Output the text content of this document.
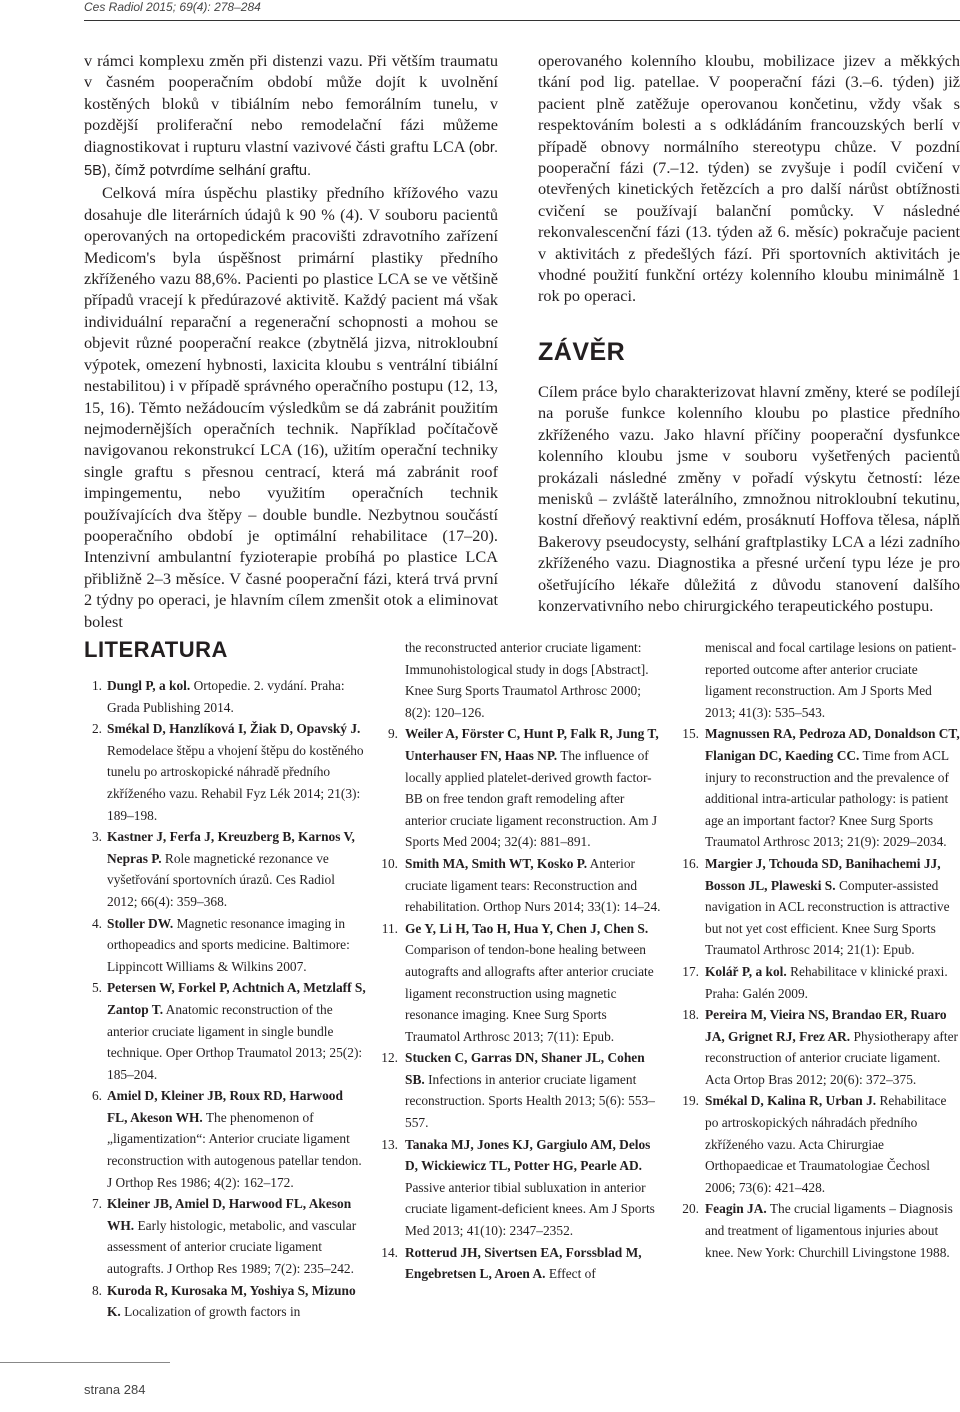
Ces Radiol 2015; 69(4): 278–284

v rámci komplexu změn při distenzi vazu. Při větším traumatu v časném pooperačním období může dojít k uvolnění kostěných bloků v tibiálním nebo femorálním tunelu, v pozdější proliferační nebo remodelační fázi můžeme diagnostikovat i rupturu vlastní vazivové části graftu LCA (obr. 5B), čímž potvrdíme selhání graftu.

Celková míra úspěchu plastiky předního křížového vazu dosahuje dle literárních údajů k 90 % (4). V souboru pacientů operovaných na ortopedickém pracovišti zdravotního zařízení Medicom's byla úspěšnost primární plastiky předního zkříženého vazu 88,6%. Pacienti po plastice LCA se ve většině případů vracejí k předúrazové aktivitě. Každý pacient má však individuální reparační a regenerační schopnosti a mohou se objevit různé pooperační reakce (zbytnělá jizva, nitrokloubní výpotek, omezení hybnosti, laxicita kloubu s ventrální tibiální nestabilitou) i v případě správného operačního postupu (12, 13, 15, 16). Těmto nežádoucím výsledkům se dá zabránit použitím nejmodernějších operačních technik. Například počítačově navigovanou rekonstrukcí LCA (16), užitím operační techniky single graftu s přesnou centrací, která má zabránit roof impingementu, nebo využitím operačních technik používajících dva štěpy – double bundle. Nezbytnou součástí pooperačního období je optimální rehabilitace (17–20). Intenzivní ambulantní fyzioterapie probíhá po plastice LCA přibližně 2–3 měsíce. V časné pooperační fázi, která trvá první 2 týdny po operaci, je hlavním cílem zmenšit otok a eliminovat bolest

operovaného kolenního kloubu, mobilizace jizev a měkkých tkání pod lig. patellae. V pooperační fázi (3.–6. týden) již pacient plně zatěžuje operovanou končetinu, vždy však s respektováním bolesti a s odkládáním francouzských berlí v případě obnovy normálního stereotypu chůze. V pozdní pooperační fázi (7.–12. týden) se zvyšuje i podíl cvičení v otevřených kinetických řetězcích a pro další nárůst obtížnosti cvičení se používají balanční pomůcky. V následné rekonvalescenční fázi (13. týden až 6. měsíc) pokračuje pacient v aktivitách z předešlých fází. Při sportovních aktivitách je vhodné použití funkční ortézy kolenního kloubu minimálně 1 rok po operaci.

ZÁVĚR

Cílem práce bylo charakterizovat hlavní změny, které se podílejí na poruše funkce kolenního kloubu po plastice předního zkříženého vazu. Jako hlavní příčiny pooperační dysfunkce kolenního kloubu jsme v souboru vyšetřených pacientů prokázali následné změny v pořadí výskytu četností: léze menisků – zvláště laterálního, zmnožnou nitrokloubní tekutinu, kostní dřeňový reaktivní edém, prosáknutí Hoffova tělesa, náplň Bakerovy pseudocysty, selhání graftplastiky LCA a lézi zadního zkříženého vazu. Diagnostika a přesné určení typu léze je pro ošetřujícího lékaře důležitá z důvodu stanovení dalšího konzervativního nebo chirurgického terapeutického postupu.

LITERATURA
1. Dungl P, a kol. Ortopedie. 2. vydání. Praha: Grada Publishing 2014.
2. Smékal D, Hanzlíková I, Žiak D, Opavský J. Remodelace štěpu a vhojení štěpu do kostěného tunelu po artroskopické náhradě předního zkříženého vazu. Rehabil Fyz Lék 2014; 21(3): 189–198.
3. Kastner J, Ferfa J, Kreuzberg B, Karnos V, Nepras P. Role magnetické rezonance ve vyšetřování sportovních úrazů. Ces Radiol 2012; 66(4): 359–368.
4. Stoller DW. Magnetic resonance imaging in orthopeadics and sports medicine. Baltimore: Lippincott Williams & Wilkins 2007.
5. Petersen W, Forkel P, Achtnich A, Metzlaff S, Zantop T. Anatomic reconstruction of the anterior cruciate ligament in single bundle technique. Oper Orthop Traumatol 2013; 25(2): 185–204.
6. Amiel D, Kleiner JB, Roux RD, Harwood FL, Akeson WH. The phenomenon of „ligamentization“: Anterior cruciate ligament reconstruction with autogenous patellar tendon. J Orthop Res 1986; 4(2): 162–172.
7. Kleiner JB, Amiel D, Harwood FL, Akeson WH. Early histologic, metabolic, and vascular assessment of anterior cruciate ligament autografts. J Orthop Res 1989; 7(2): 235–242.
8. Kuroda R, Kurosaka M, Yoshiya S, Mizuno K. Localization of growth factors in
the reconstructed anterior cruciate ligament: Immunohistological study in dogs [Abstract]. Knee Surg Sports Traumatol Arthrosc 2000; 8(2): 120–126.
9. Weiler A, Förster C, Hunt P, Falk R, Jung T, Unterhauser FN, Haas NP. The influence of locally applied platelet-derived growth factor-BB on free tendon graft remodeling after anterior cruciate ligament reconstruction. Am J Sports Med 2004; 32(4): 881–891.
10. Smith MA, Smith WT, Kosko P. Anterior cruciate ligament tears: Reconstruction and rehabilitation. Orthop Nurs 2014; 33(1): 14–24.
11. Ge Y, Li H, Tao H, Hua Y, Chen J, Chen S. Comparison of tendon-bone healing between autografts and allografts after anterior cruciate ligament reconstruction using magnetic resonance imaging. Knee Surg Sports Traumatol Arthrosc 2013; 7(11): Epub.
12. Stucken C, Garras DN, Shaner JL, Cohen SB. Infections in anterior cruciate ligament reconstruction. Sports Health 2013; 5(6): 553–557.
13. Tanaka MJ, Jones KJ, Gargiulo AM, Delos D, Wickiewicz TL, Potter HG, Pearle AD. Passive anterior tibial subluxation in anterior cruciate ligament-deficient knees. Am J Sports Med 2013; 41(10): 2347–2352.
14. Rotterud JH, Sivertsen EA, Forssblad M, Engebretsen L, Aroen A. Effect of
meniscal and focal cartilage lesions on patient-reported outcome after anterior cruciate ligament reconstruction. Am J Sports Med 2013; 41(3): 535–543.
15. Magnussen RA, Pedroza AD, Donaldson CT, Flanigan DC, Kaeding CC. Time from ACL injury to reconstruction and the prevalence of additional intra-articular pathology: is patient age an important factor? Knee Surg Sports Traumatol Arthrosc 2013; 21(9): 2029–2034.
16. Margier J, Tchouda SD, Banihachemi JJ, Bosson JL, Plaweski S. Computer-assisted navigation in ACL reconstruction is attractive but not yet cost efficient. Knee Surg Sports Traumatol Arthrosc 2014; 21(1): Epub.
17. Kolář P, a kol. Rehabilitace v klinické praxi. Praha: Galén 2009.
18. Pereira M, Vieira NS, Brandao ER, Ruaro JA, Grignet RJ, Frez AR. Physiotherapy after reconstruction of anterior cruciate ligament. Acta Ortop Bras 2012; 20(6): 372–375.
19. Smékal D, Kalina R, Urban J. Rehabilitace po artroskopických náhradách předního zkříženého vazu. Acta Chirurgiae Orthopaedicae et Traumatologiae Čechosl 2006; 73(6): 421–428.
20. Feagin JA. The crucial ligaments – Diagnosis and treatment of ligamentous injuries about knee. New York: Churchill Livingstone 1988.
strana 284
